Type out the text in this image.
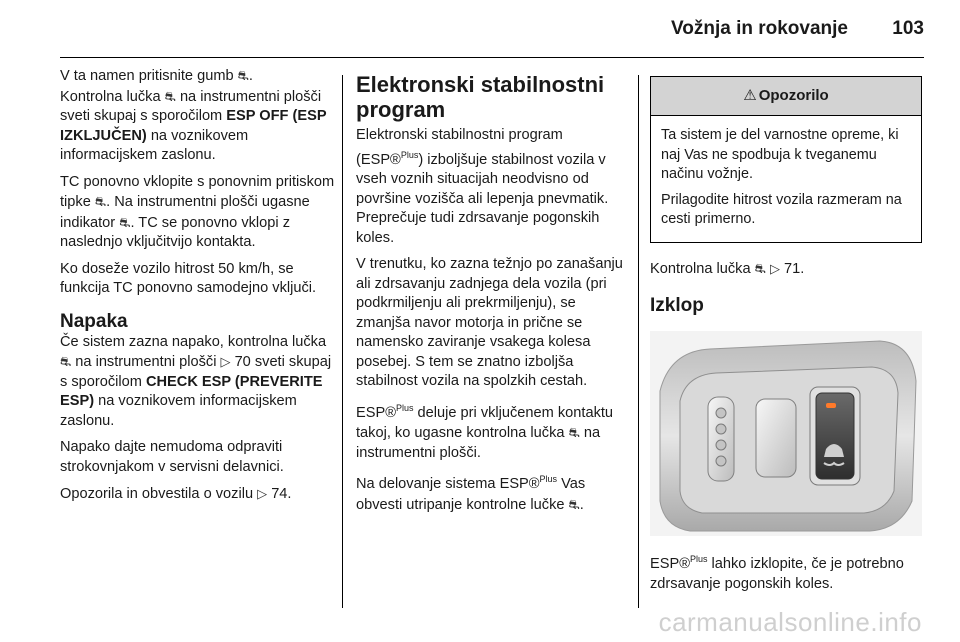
Vožnja in rokovanje 103

V ta namen pritisnite gumb ⛐.
Kontrolna lučka ⛐ na instrumentni plošči sveti skupaj s sporočilom ESP OFF (ESP IZKLJUČEN) na voznikovem informacijskem zaslonu.

TC ponovno vklopite s ponovnim pritiskom tipke ⛐. Na instrumentni plošči ugasne indikator ⛐. TC se ponovno vklopi z naslednjo vključitvijo kontakta.

Ko doseže vozilo hitrost 50 km/h, se funkcija TC ponovno samodejno vključi.

Napaka

Če sistem zazna napako, kontrolna lučka ⛐ na instrumentni plošči ▷ 70 sveti skupaj s sporočilom CHECK ESP (PREVERITE ESP) na voznikovem informacijskem zaslonu.

Napako dajte nemudoma odpraviti strokovnjakom v servisni delavnici.

Opozorila in obvestila o vozilu ▷ 74.

Elektronski stabilnostni program

Elektronski stabilnostni program (ESP®$^{Plus}$) izboljšuje stabilnost vozila v vseh voznih situacijah neodvisno od površine vozišča ali lepenja pnevmatik. Preprečuje tudi zdrsavanje pogonskih koles.

V trenutku, ko zazna težnjo po zanašanju ali zdrsavanju zadnjega dela vozila (pri podkrmiljenju ali prekrmiljenju), se zmanjša navor motorja in prične se namensko zaviranje vsakega kolesa posebej. S tem se znatno izboljša stabilnost vozila na spolzkih cestah.

ESP®$^{Plus}$ deluje pri vključenem kontaktu takoj, ko ugasne kontrolna lučka ⛐ na instrumentni plošči.

Na delovanje sistema ESP®$^{Plus}$ Vas obvesti utripanje kontrolne lučke ⛐.

⚠ Opozorilo

Ta sistem je del varnostne opreme, ki naj Vas ne spodbuja k tveganemu načinu vožnje.

Prilagodite hitrost vozila razmeram na cesti primerno.

Kontrolna lučka ⛐ ▷ 71.

Izklop

ESP®$^{Plus}$ lahko izklopite, če je potrebno zdrsavanje pogonskih koles.

carmanualsonline.info
